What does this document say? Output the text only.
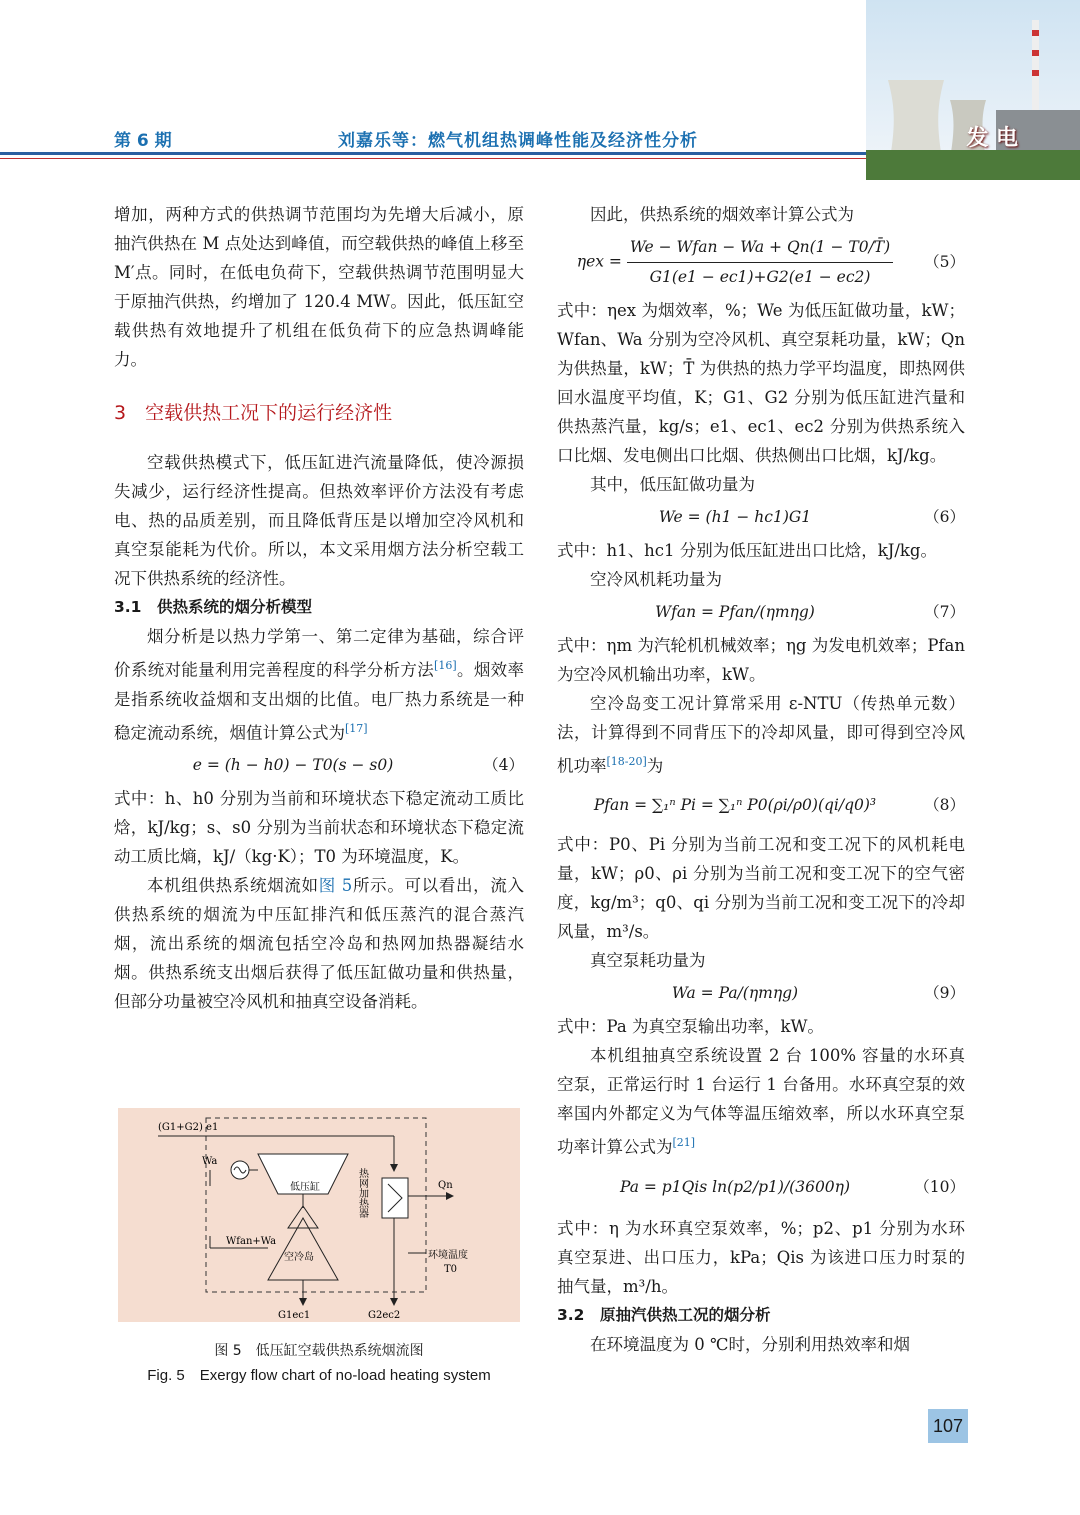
第 6 期	刘嘉乐等：燃气机组热调峰性能及经济性分析	发 电

增加，两种方式的供热调节范围均为先增大后减小，原抽汽供热在 M 点处达到峰值，而空载供热的峰值上移至 M′点。同时，在低电负荷下，空载供热调节范围明显大于原抽汽供热，约增加了 120.4 MW。因此，低压缸空载供热有效地提升了机组在低负荷下的应急热调峰能力。

3　空载供热工况下的运行经济性

空载供热模式下，低压缸进汽流量降低，使冷源损失减少，运行经济性提高。但热效率评价方法没有考虑电、热的品质差别，而且降低背压是以增加空冷风机和真空泵能耗为代价。所以，本文采用烟方法分析空载工况下供热系统的经济性。

3.1　供热系统的烟分析模型

烟分析是以热力学第一、第二定律为基础，综合评价系统对能量利用完善程度的科学分析方法[16]。烟效率是指系统收益烟和支出烟的比值。电厂热力系统是一种稳定流动系统，烟值计算公式为[17]

e = (h − h0) − T0(s − s0)	（4）

式中：h、h0 分别为当前和环境状态下稳定流动工质比焓，kJ/kg；s、s0 分别为当前状态和环境状态下稳定流动工质比熵，kJ/（kg·K）；T0 为环境温度，K。

本机组供热系统烟流如图 5所示。可以看出，流入供热系统的烟流为中压缸排汽和低压蒸汽的混合蒸汽烟，流出系统的烟流包括空冷岛和热网加热器凝结水烟。供热系统支出烟后获得了低压缸做功量和供热量，但部分功量被空冷风机和抽真空设备消耗。

(G1+G2) e1
Wa
低压缸
Wfan+Wa
空冷岛
热网加热器	Qn
环境温度
T0
G1ec1	G2ec2
图 5　低压缸空载供热系统烟流图
Fig. 5　Exergy flow chart of no-load heating system

因此，供热系统的烟效率计算公式为

$\eta ex = \frac{\text{We − Wfan − Wa + Qn(1 − T0/T̄)}}{G1(e1 - ec1)+G2(e1 - ec2)}$	（5）

式中：ηex 为烟效率，%；We 为低压缸做功量，kW；Wfan、Wa 分别为空冷风机、真空泵耗功量，kW；Qn 为供热量，kW；T̄ 为供热的热力学平均温度，即热网供回水温度平均值，K；G1、G2 分别为低压缸进汽量和供热蒸汽量，kg/s；e1、ec1、ec2 分别为供热系统入口比烟、发电侧出口比烟、供热侧出口比烟，kJ/kg。

其中，低压缸做功量为

We = (h1 − hc1)G1	（6）

式中：h1、hc1 分别为低压缸进出口比焓，kJ/kg。

空冷风机耗功量为

Wfan = Pfan/(ηmηg)	（7）

式中：ηm 为汽轮机机械效率；ηg 为发电机效率；Pfan 为空冷风机输出功率，kW。

空冷岛变工况计算常采用 ε-NTU（传热单元数）法，计算得到不同背压下的冷却风量，即可得到空冷风机功率[18-20]为

Pfan = ∑₁ⁿ Pi = ∑₁ⁿ P0(ρi/ρ0)(qi/q0)³	（8）

式中：P0、Pi 分别为当前工况和变工况下的风机耗电量，kW；ρ0、ρi 分别为当前工况和变工况下的空气密度，kg/m³；q0、qi 分别为当前工况和变工况下的冷却风量，m³/s。

真空泵耗功量为

Wa = Pa/(ηmηg)	（9）

式中：Pa 为真空泵输出功率，kW。

本机组抽真空系统设置 2 台 100% 容量的水环真空泵，正常运行时 1 台运行 1 台备用。水环真空泵的效率国内外都定义为气体等温压缩效率，所以水环真空泵功率计算公式为[21]

Pa = p1Qis ln(p2/p1)/(3600η)	（10）

式中：η 为水环真空泵效率，%；p2、p1 分别为水环真空泵进、出口压力，kPa；Qis 为该进口压力时泵的抽气量，m³/h。

3.2　原抽汽供热工况的烟分析

在环境温度为 0 ℃时，分别利用热效率和烟

107
